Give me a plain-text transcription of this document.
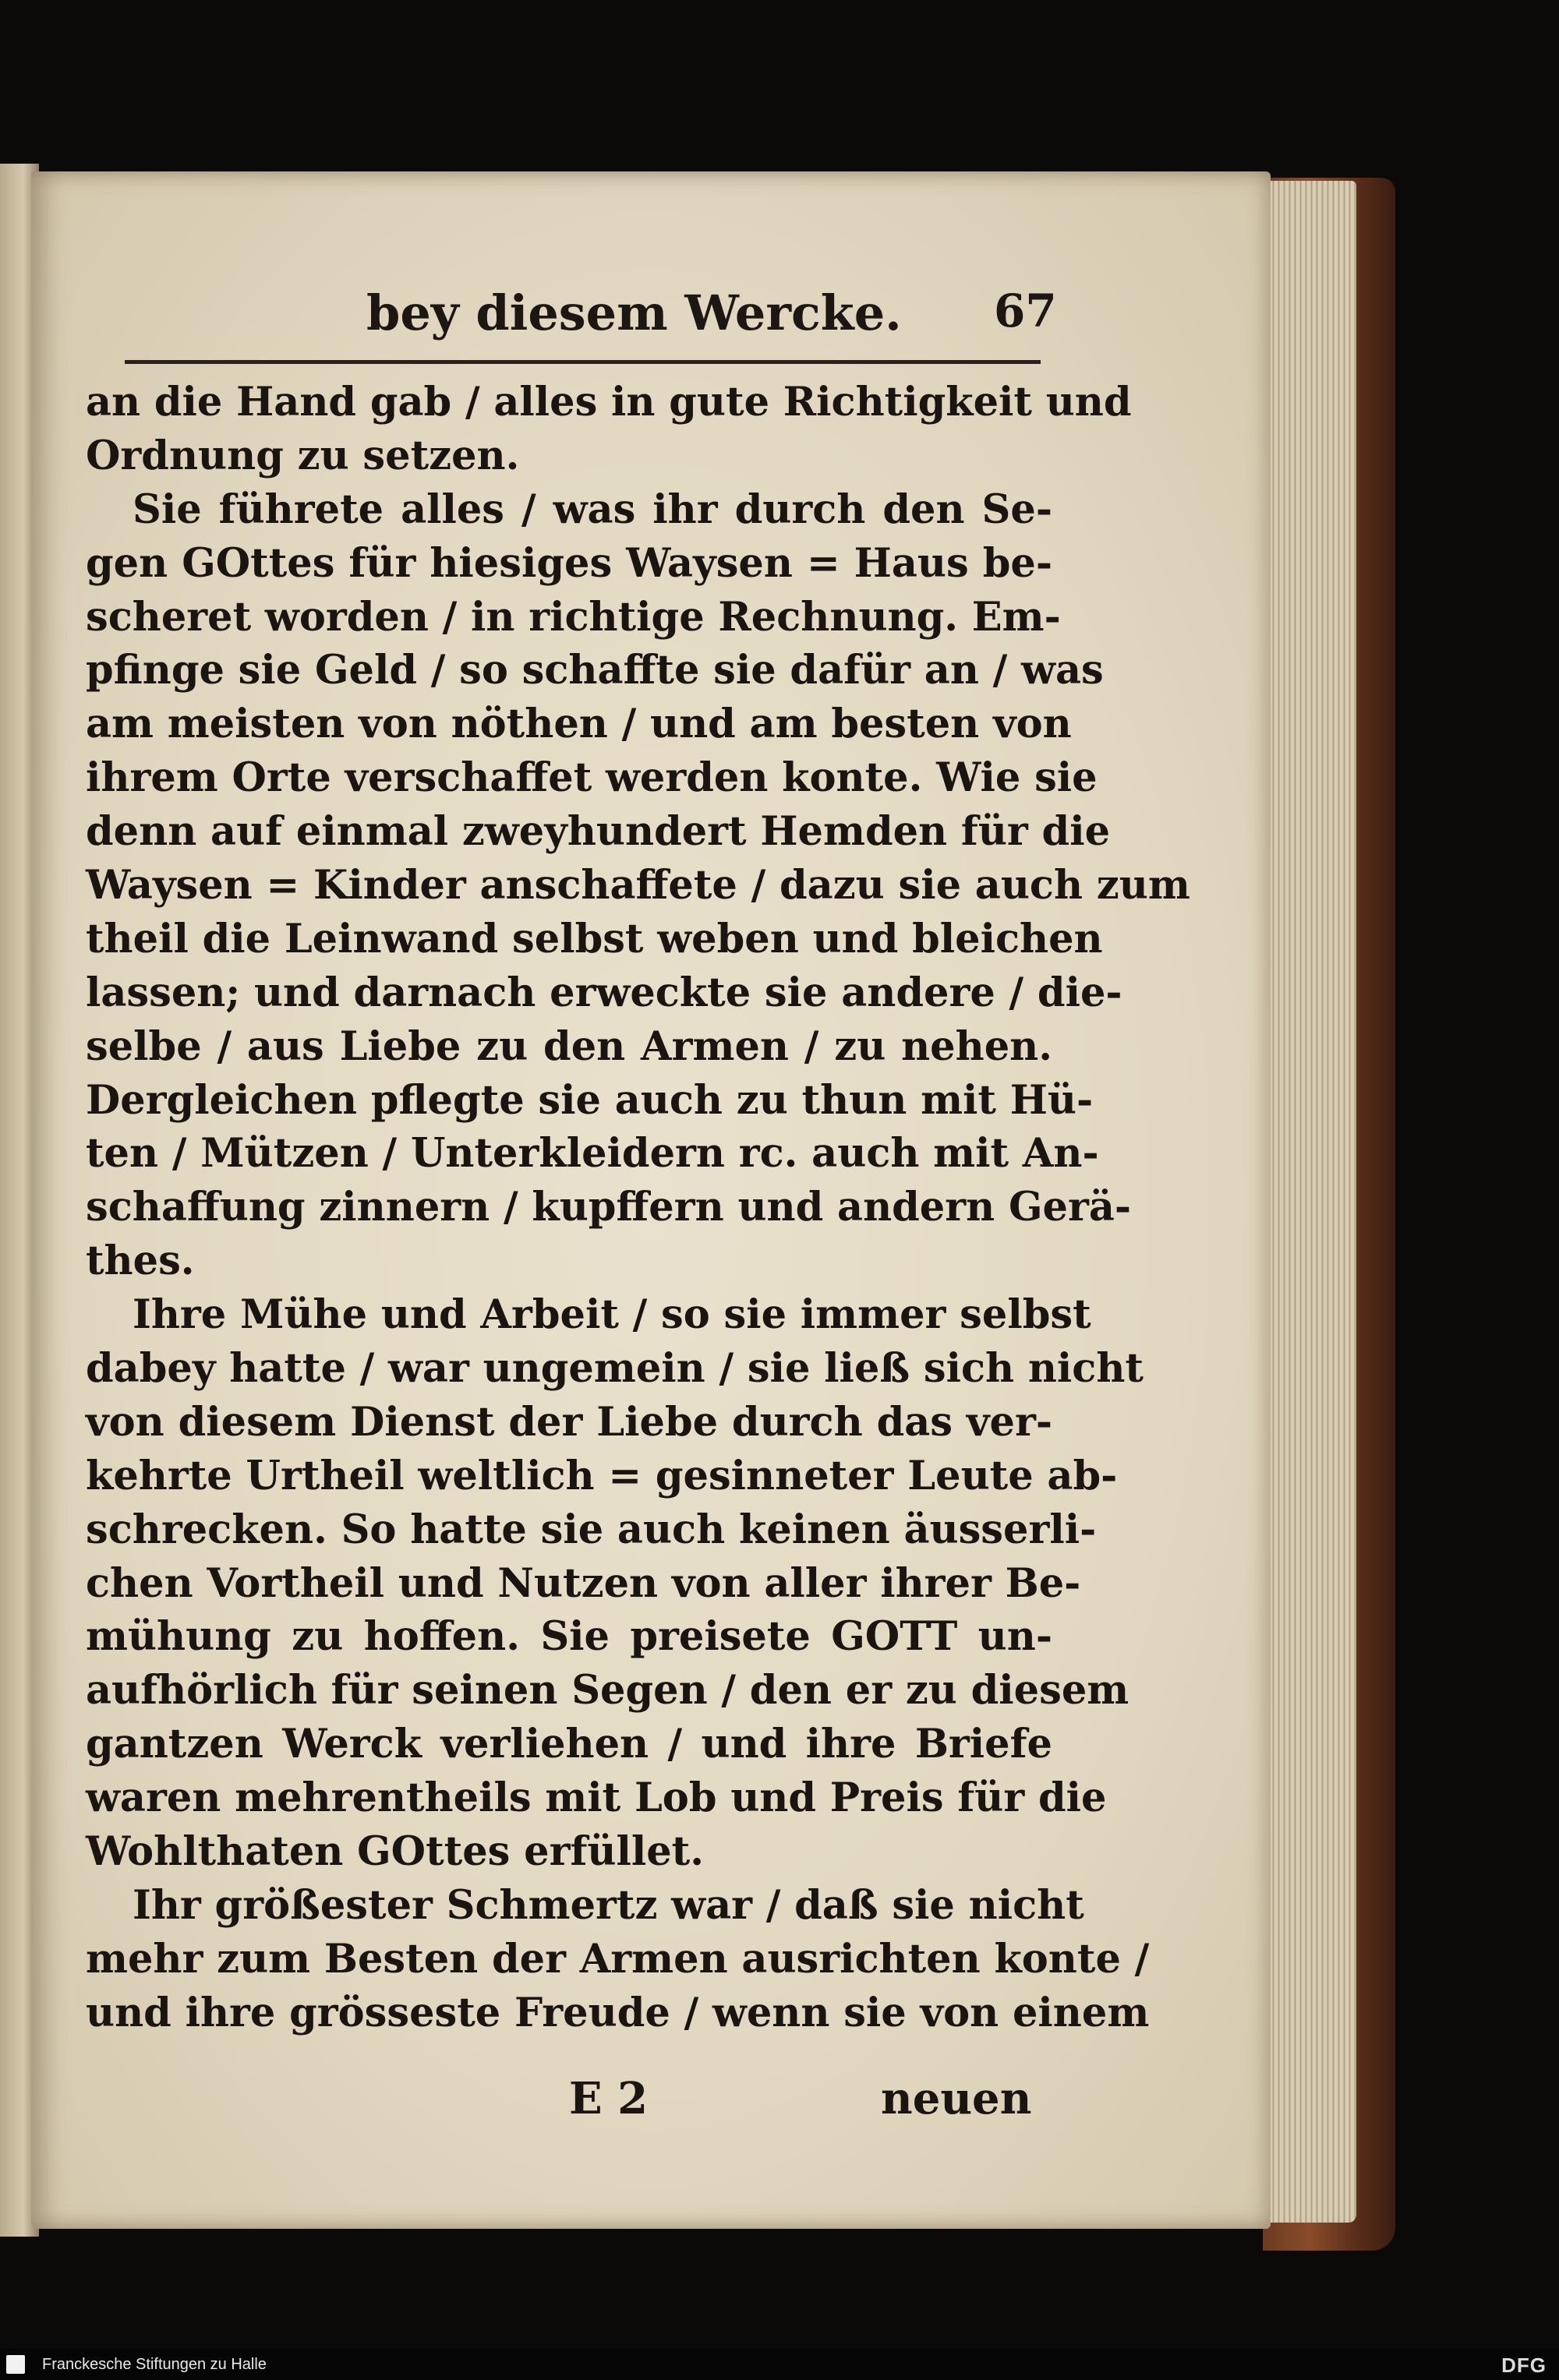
bey diesem Wercke. 67
an die Hand gab / alles in gute Richtigkeit und
Ordnung zu setzen.
Sie führete alles / was ihr durch den Se-
gen GOttes für hiesiges Waysen = Haus be-
scheret worden / in richtige Rechnung. Em-
pfinge sie Geld / so schaffte sie dafür an / was
am meisten von nöthen / und am besten von
ihrem Orte verschaffet werden konte. Wie sie
denn auf einmal zweyhundert Hemden für die
Waysen = Kinder anschaffete / dazu sie auch zum
theil die Leinwand selbst weben und bleichen
lassen; und darnach erweckte sie andere / die-
selbe / aus Liebe zu den Armen / zu nehen.
Dergleichen pflegte sie auch zu thun mit Hü-
ten / Mützen / Unterkleidern rc. auch mit An-
schaffung zinnern / kupffern und andern Gerä-
thes.
Ihre Mühe und Arbeit / so sie immer selbst
dabey hatte / war ungemein / sie ließ sich nicht
von diesem Dienst der Liebe durch das ver-
kehrte Urtheil weltlich = gesinneter Leute ab-
schrecken. So hatte sie auch keinen äusserli-
chen Vortheil und Nutzen von aller ihrer Be-
mühung zu hoffen. Sie preisete GOTT un-
aufhörlich für seinen Segen / den er zu diesem
gantzen Werck verliehen / und ihre Briefe
waren mehrentheils mit Lob und Preis für die
Wohlthaten GOttes erfüllet.
Ihr größester Schmertz war / daß sie nicht
mehr zum Besten der Armen ausrichten konte /
und ihre grösseste Freude / wenn sie von einem
E 2	neuen
Franckesche Stiftungen zu Halle	DFG
